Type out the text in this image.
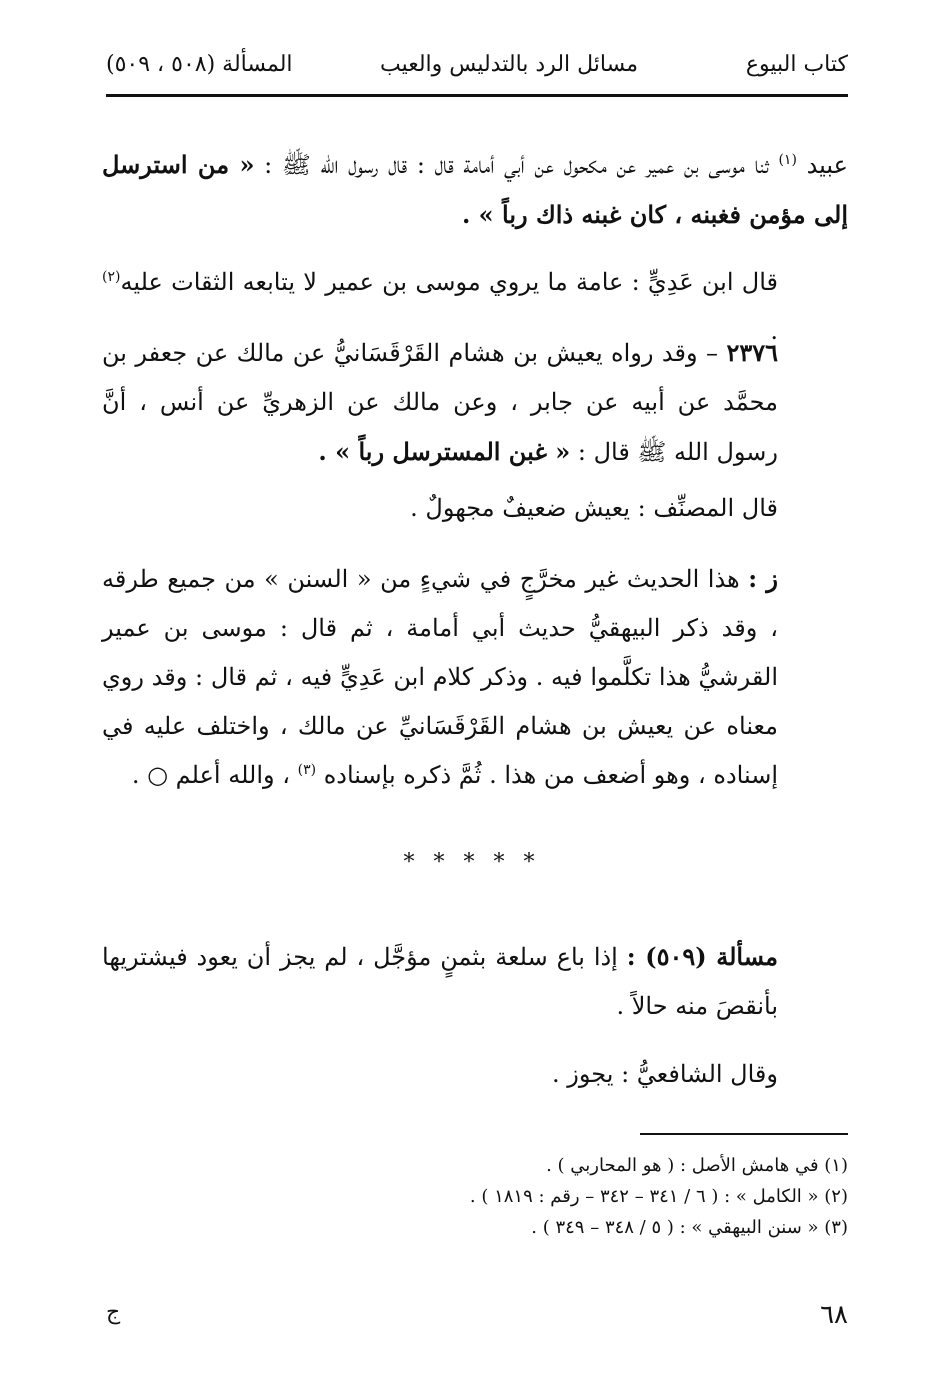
كتاب البيوع
مسائل الرد بالتدليس والعيب
المسألة (٥٠٨ ، ٥٠٩)

عبيد $^{(١)}$ ثنا موسى بن عمير عن مكحول عن أبي أمامة قال : قال رسول الله ﷺ : « من استرسل إلى مؤمن فغبنه ، كان غبنه ذاك رباً » .

قال ابن عَدِيٍّ : عامة ما يروي موسى بن عمير لا يتابعه الثقات عليه$^{(٢)}$ .

٢٣٧٦ – وقد رواه يعيش بن هشام القَرْقَسَانيُّ عن مالك عن جعفر بن محمَّد عن أبيه عن جابر ، وعن مالك عن الزهريِّ عن أنس ، أنَّ رسول الله ﷺ قال : « غبن المسترسل رباً » .

قال المصنِّف : يعيش ضعيفٌ مجهولٌ .

ز : هذا الحديث غير مخرَّجٍ في شيءٍ من « السنن » من جميع طرقه ، وقد ذكر البيهقيُّ حديث أبي أمامة ، ثم قال : موسى بن عمير القرشيُّ هذا تكلَّموا فيه . وذكر كلام ابن عَدِيٍّ فيه ، ثم قال : وقد روي معناه عن يعيش بن هشام القَرْقَسَانيِّ عن مالك ، واختلف عليه في إسناده ، وهو أضعف من هذا . ثُمَّ ذكره بإسناده $^{(٣)}$ ، والله أعلم ○ .

* * * * *

مسألة (٥٠٩) : إذا باع سلعة بثمنٍ مؤجَّل ، لم يجز أن يعود فيشتريها بأنقصَ منه حالاً .

وقال الشافعيُّ : يجوز .

(١) في هامش الأصل : ( هو المحاربي ) .
(٢) « الكامل » : ( ٦ / ٣٤١ – ٣٤٢ – رقم : ١٨١٩ ) .
(٣) « سنن البيهقي » : ( ٥ / ٣٤٨ – ٣٤٩ ) .
٦٨
ج
